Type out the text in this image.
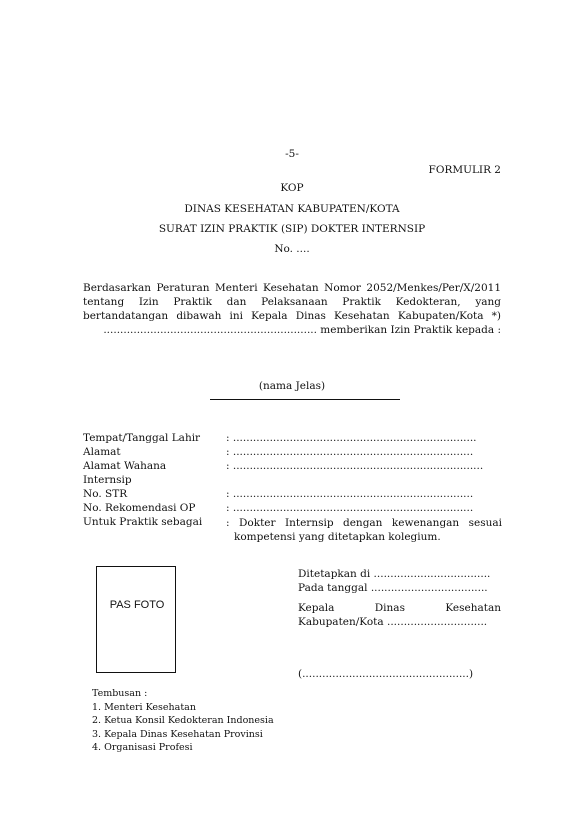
-5-
FORMULIR 2
KOP
DINAS KESEHATAN KABUPATEN/KOTA
SURAT IZIN PRAKTIK (SIP) DOKTER INTERNSIP
No. ....
Berdasarkan Peraturan Menteri Kesehatan Nomor 2052/Menkes/Per/X/2011
tentang Izin Praktik dan Pelaksanaan Praktik Kedokteran, yang
bertandatangan dibawah ini Kepala Dinas Kesehatan Kabupaten/Kota *)
................................................................ memberikan Izin Praktik kepada :
(nama Jelas)
Tempat/Tanggal Lahir : .........................................................................
Alamat	: ........................................................................
Alamat Wahana	: ...........................................................................
Internsip
No. STR	: ........................................................................
No. Rekomendasi OP	: ........................................................................
Untuk Praktik sebagai : Dokter Internsip dengan kewenangan sesuai
kompetensi yang ditetapkan kolegium.
PAS FOTO
Ditetapkan di ...................................
Pada tanggal ...................................
Kepala Dinas Kesehatan
Kabupaten/Kota ..............................
(..................................................)
Tembusan :
1. Menteri Kesehatan
2. Ketua Konsil Kedokteran Indonesia
3. Kepala Dinas Kesehatan Provinsi
4. Organisasi Profesi
